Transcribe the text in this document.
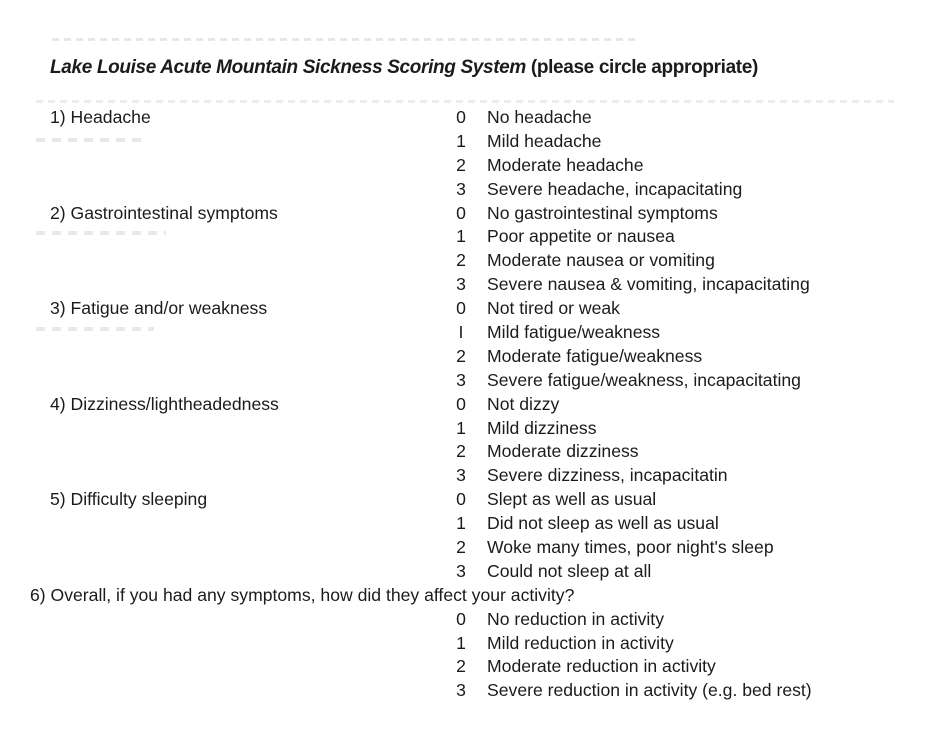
Lake Louise Acute Mountain Sickness Scoring System (please circle appropriate)
1) Headache	0	No headache
1	Mild headache
2	Moderate headache
3	Severe headache, incapacitating
2) Gastrointestinal symptoms	0	No gastrointestinal symptoms
1	Poor appetite or nausea
2	Moderate nausea or vomiting
3	Severe nausea & vomiting, incapacitating
3) Fatigue and/or weakness	0	Not tired or weak
I	Mild fatigue/weakness
2	Moderate fatigue/weakness
3	Severe fatigue/weakness, incapacitating
4) Dizziness/lightheadedness	0	Not dizzy
1	Mild dizziness
2	Moderate dizziness
3	Severe dizziness, incapacitatin
5) Difficulty sleeping	0	Slept as well as usual
1	Did not sleep as well as usual
2	Woke many times, poor night's sleep
3	Could not sleep at all
6) Overall, if you had any symptoms, how did they affect your activity?
0	No reduction in activity
1	Mild reduction in activity
2	Moderate reduction in activity
3	Severe reduction in activity (e.g. bed rest)
